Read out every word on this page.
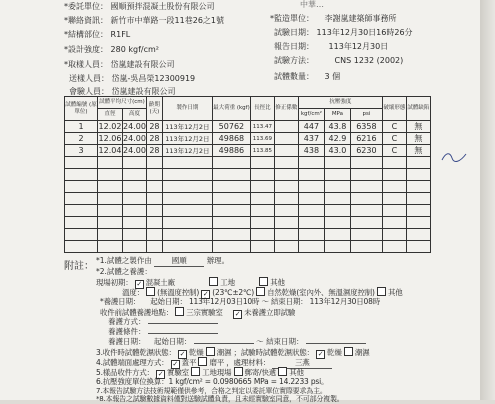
*委託單位： 國順預拌混凝土股份有限公司
*聯絡資訊： 新竹市中華路一段11巷26之1號
*結構部位： R1FL
*設計強度： 280 kgf/cm²
*取樣人員： 岱嵐建設有限公司
送樣人員： 岱嵐-吳昌榮12300919
會驗人員： 岱嵐建設有限公司
中華…
*監造單位： 李謝嵐建築師事務所
試驗日期： 113年12月30日16時26分
報告日期： 113年12月30日
試驗方法：	CNS 1232 (2002)
試體數量： 3 個
試體編號 (原單位)	試體平均尺寸(cm)		齡期 (天)	製作日期	最大荷重 (kgf)	長徑比	修正係數	抗壓強度			破壞形態	試體缺陷
	直徑	高度						kgf/cm²	MPa	psi		
1	12.02	24.00	28	113年12月2日	50762	113.47		447	43.8	6358	C	無
2	12.06	24.00	28	113年12月2日	49868	113.69		437	42.9	6216	C	無
3	12.04	24.00	28	113年12月2日	49886	113.85		438	43.0	6230	C	無

附註：
*1.試體之製作由	國順	辦理。
*2.試體之養護：
現場初期： ✓ 混凝土廠	工地	其他
溫度： (無溫度控制) ✓ (23℃±2℃) 自然乾燥(室內外、無溫濕度控制) 其他
*養護日期： 起始日期： 113年12月03日10時 ～ 結束日期： 113年12月30日08時
收件前試體養護地點： 三宗實驗室 ✓ 未養護立即試驗
養護方式：
養護條件：
養護日期： 起始日期：	～ 結束日期：
3.收件時試體乾濕狀態： ✓ 乾燥 潮濕 ；試驗時試體乾濕狀態： ✓ 乾燥 潮濕
4.試體端面處理方式： ✓ 蓋平 磨平 ，處理材料：	三燕
5.樣品收件方式： ✓ 實驗室 工地現場 郵寄/快遞 其他
6.抗壓強度單位換算：1 kgf/cm² = 0.0980665 MPa = 14.2233 psi。
7.本報告試驗方法技術規範僅供參考，合格之判定以委託單位實際要求為主。
*8.本報告之試驗數據資料僅對送驗試體負責，且未經實驗室同意，不可部分複製。
